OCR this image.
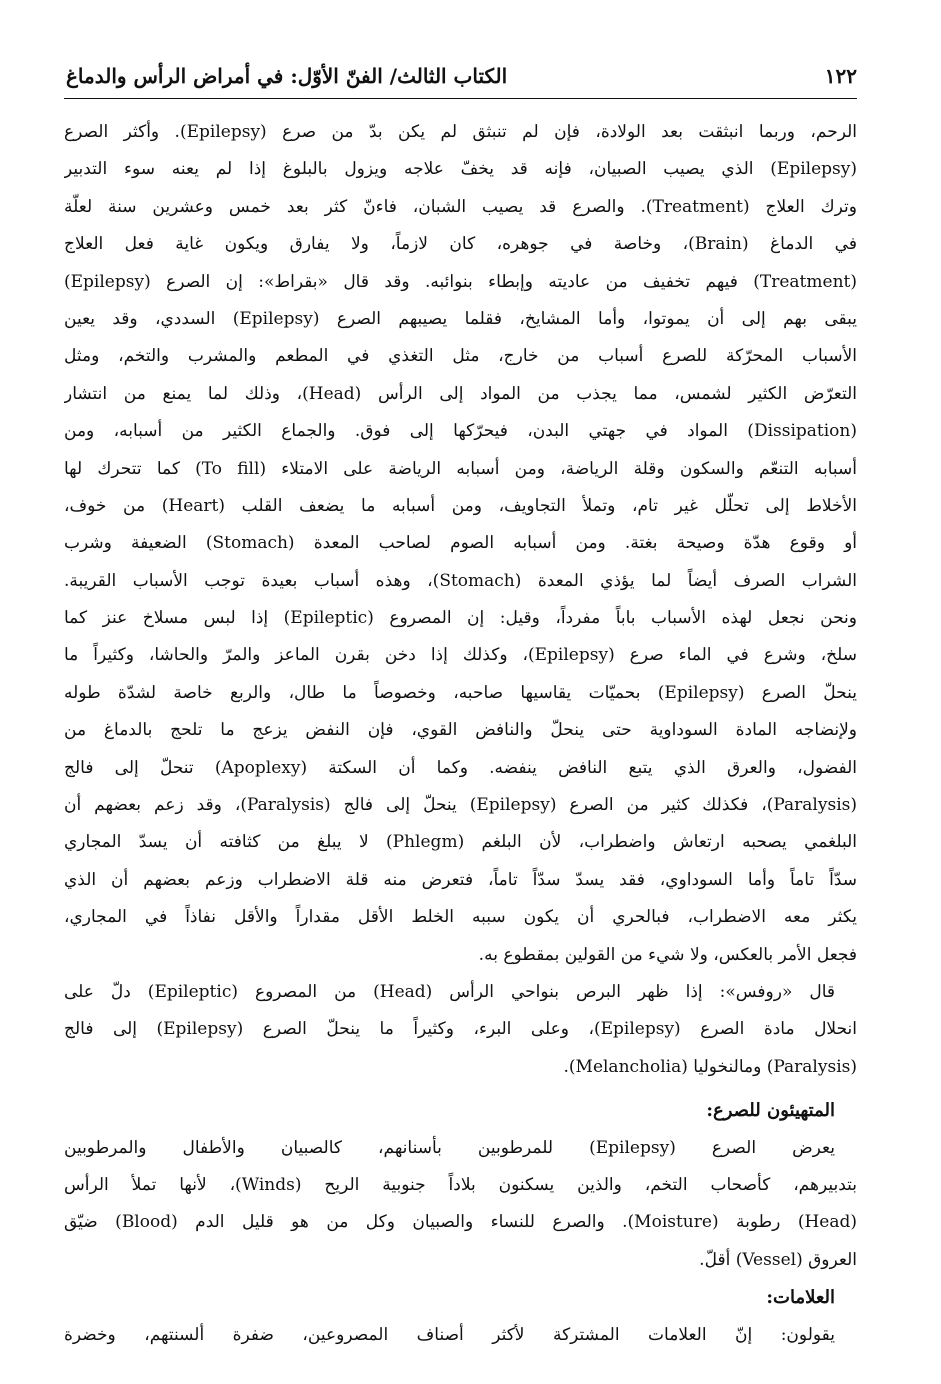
١٢٢
الكتاب الثالث/ الفنّ الأوّل: في أمراض الرأس والدماغ
الرحم، وربما انبثقت بعد الولادة، فإن لم تنبثق لم يكن بدّ من صرع (Epilepsy). وأكثر الصرع
(Epilepsy) الذي يصيب الصبيان، فإنه قد يخفّ علاجه ويزول بالبلوغ إذا لم يعنه سوء التدبير
وترك العلاج (Treatment). والصرع قد يصيب الشبان، فاءنّ كثر بعد خمس وعشرين سنة لعلّة
في الدماغ (Brain)، وخاصة في جوهره، كان لازماً، ولا يفارق ويكون غاية فعل العلاج
(Treatment) فيهم تخفيف من عاديته وإبطاء بنوائبه. وقد قال «بقراط»: إن الصرع (Epilepsy)
يبقى بهم إلى أن يموتوا، وأما المشايخ، فقلما يصيبهم الصرع (Epilepsy) السددي، وقد يعين
الأسباب المحرّكة للصرع أسباب من خارج، مثل التغذي في المطعم والمشرب والتخم، ومثل
التعرّض الكثير لشمس، مما يجذب من المواد إلى الرأس (Head)، وذلك لما يمنع من انتشار
(Dissipation) المواد في جهتي البدن، فيحرّكها إلى فوق. والجماع الكثير من أسبابه، ومن
أسبابه التنعّم والسكون وقلة الرياضة، ومن أسبابه الرياضة على الامتلاء (To fill) كما تتحرك لها
الأخلاط إلى تحلّل غير تام، وتملأ التجاويف، ومن أسبابه ما يضعف القلب (Heart) من خوف،
أو وقوع هدّة وصيحة بغتة. ومن أسبابه الصوم لصاحب المعدة (Stomach) الضعيفة وشرب
الشراب الصرف أيضاً لما يؤذي المعدة (Stomach)، وهذه أسباب بعيدة توجب الأسباب القريبة.
ونحن نجعل لهذه الأسباب باباً مفرداً، وقيل: إن المصروع (Epileptic) إذا لبس مسلاخ عنز كما
سلخ، وشرع في الماء صرع (Epilepsy)، وكذلك إذا دخن بقرن الماعز والمرّ والحاشا، وكثيراً ما
ينحلّ الصرع (Epilepsy) بحميّات يقاسيها صاحبه، وخصوصاً ما طال، والربع خاصة لشدّة طوله
ولإنضاجه المادة السوداوية حتى ينحلّ والنافض القوي، فإن النفض يزعج ما تلحج بالدماغ من
الفضول، والعرق الذي يتبع النافض ينفضه. وكما أن السكتة (Apoplexy) تنحلّ إلى فالج
(Paralysis)، فكذلك كثير من الصرع (Epilepsy) ينحلّ إلى فالج (Paralysis)، وقد زعم بعضهم أن
البلغمي يصحبه ارتعاش واضطراب، لأن البلغم (Phlegm) لا يبلغ من كثافته أن يسدّ المجاري
سدّاً تاماً وأما السوداوي، فقد يسدّ سدّاً تاماً، فتعرض منه قلة الاضطراب وزعم بعضهم أن الذي
يكثر معه الاضطراب، فبالحري أن يكون سببه الخلط الأقل مقداراً والأقل نفاذاً في المجاري،
فجعل الأمر بالعكس، ولا شيء من القولين بمقطوع به.
قال «روفس»: إذا ظهر البرص بنواحي الرأس (Head) من المصروع (Epileptic) دلّ على
انحلال مادة الصرع (Epilepsy)، وعلى البرء، وكثيراً ما ينحلّ الصرع (Epilepsy) إلى فالج
(Paralysis) ومالنخوليا (Melancholia).
المتهيئون للصرع:
يعرض الصرع (Epilepsy) للمرطوبين بأسنانهم، كالصبيان والأطفال والمرطوبين
بتدبيرهم، كأصحاب التخم، والذين يسكنون بلاداً جنوبية الريح (Winds)، لأنها تملأ الرأس
(Head) رطوبة (Moisture). والصرع للنساء والصبيان وكل من هو قليل الدم (Blood) ضيّق
العروق (Vessel) أقلّ.
العلامات:
يقولون: إنّ العلامات المشتركة لأكثر أصناف المصروعين، ضفرة ألسنتهم، وخضرة
